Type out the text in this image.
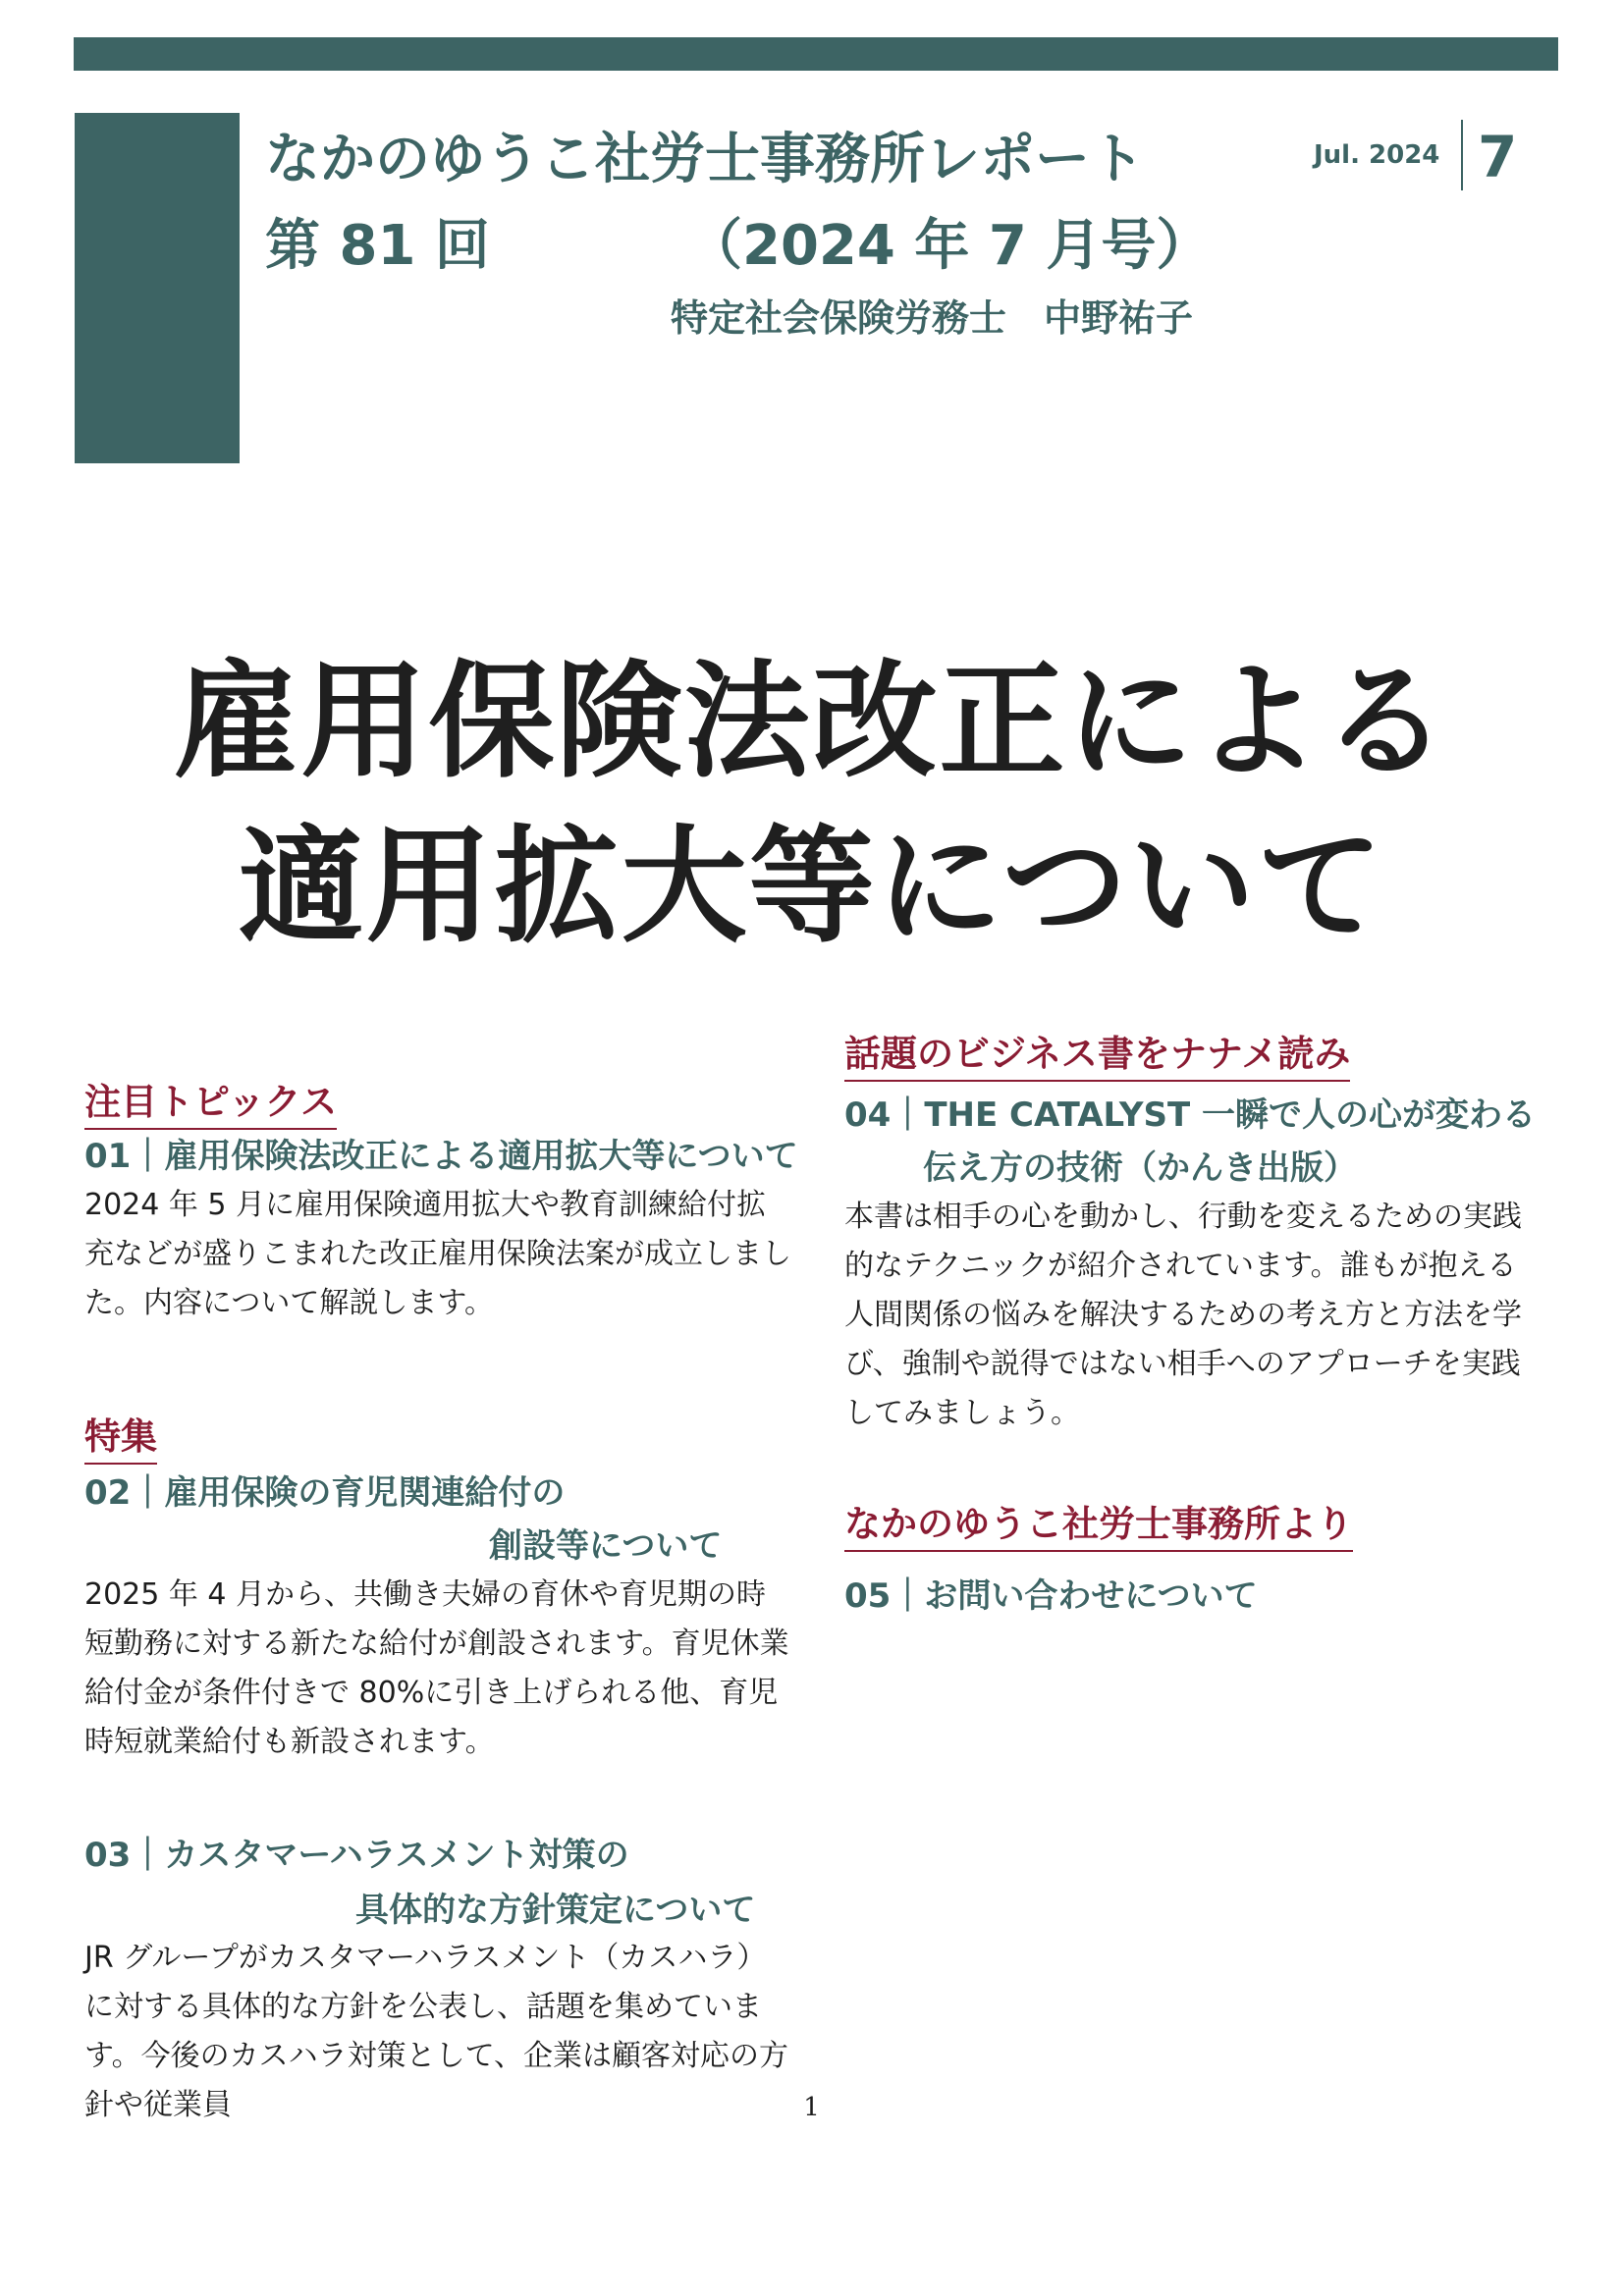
なかのゆうこ社労士事務所レポート
第 81 回	（2024 年 7 月号）
特定社会保険労務士　中野祐子
Jul. 2024 7
雇用保険法改正による
適用拡大等について
注目トピックス
01｜雇用保険法改正による適用拡大等について
2024 年 5 月に雇用保険適用拡大や教育訓練給付拡充などが盛りこまれた改正雇用保険法案が成立しました。内容について解説します。
特集
02｜雇用保険の育児関連給付の
創設等について
2025 年 4 月から、共働き夫婦の育休や育児期の時短勤務に対する新たな給付が創設されます。育児休業給付金が条件付きで 80%に引き上げられる他、育児時短就業給付も新設されます。
03｜カスタマーハラスメント対策の
具体的な方針策定について
JR グループがカスタマーハラスメント（カスハラ）に対する具体的な方針を公表し、話題を集めています。今後のカスハラ対策として、企業は顧客対応の方針や従業員
話題のビジネス書をナナメ読み
04｜THE CATALYST 一瞬で人の心が変わる
伝え方の技術（かんき出版）
本書は相手の心を動かし、行動を変えるための実践的なテクニックが紹介されています。誰もが抱える人間関係の悩みを解決するための考え方と方法を学び、強制や説得ではない相手へのアプローチを実践してみましょう。
なかのゆうこ社労士事務所より
05｜お問い合わせについて
1
